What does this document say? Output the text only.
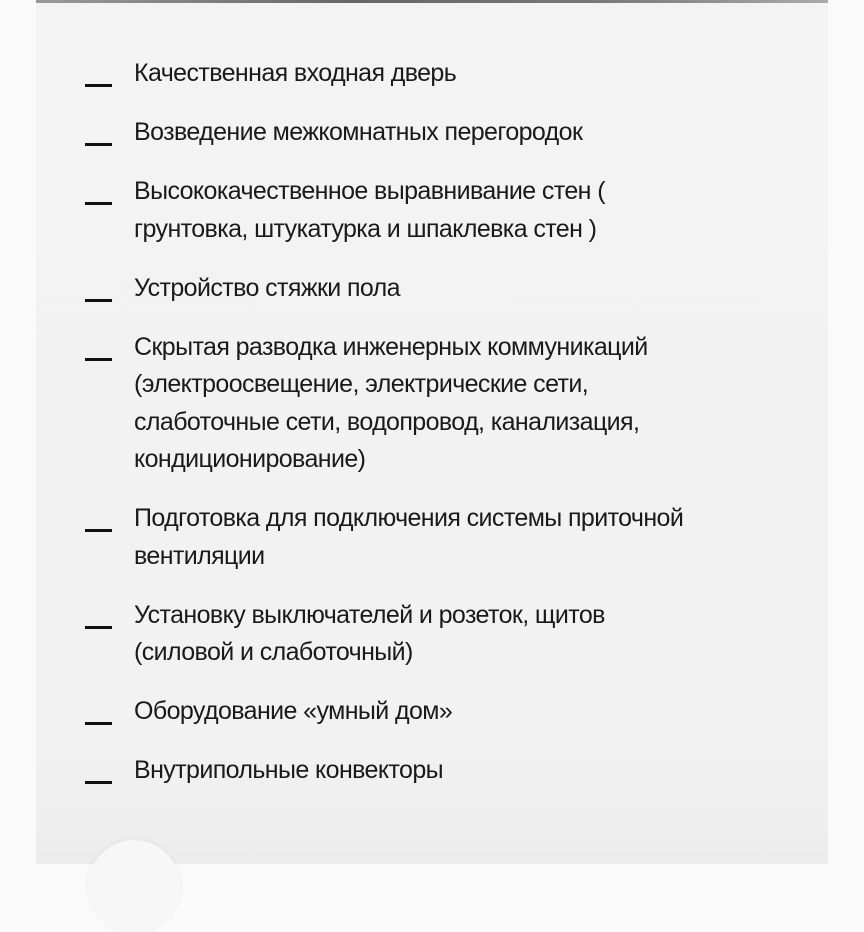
Качественная входная дверь
Возведение межкомнатных перегородок
Высококачественное выравнивание стен (
грунтовка, штукатурка и шпаклевка стен )
Устройство стяжки пола
Скрытая разводка инженерных коммуникаций
(электроосвещение, электрические сети,
слаботочные сети, водопровод, канализация,
кондиционирование)
Подготовка для подключения системы приточной
вентиляции
Установку выключателей и розеток, щитов
(силовой и слаботочный)
Оборудование «умный дом»
Внутрипольные конвекторы
